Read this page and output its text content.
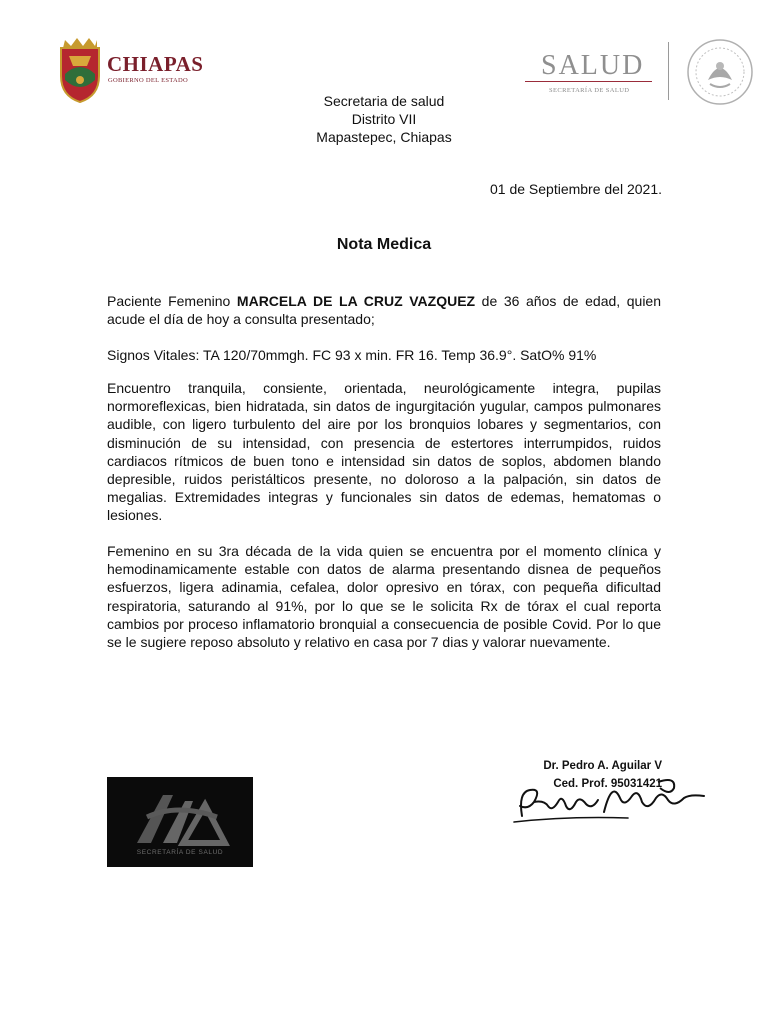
CHIAPAS
GOBIERNO DEL ESTADO	SALUD
SECRETARÍA DE SALUD
Secretaria de salud
Distrito VII
Mapastepec, Chiapas
01 de Septiembre del 2021.
Nota Medica
Paciente Femenino MARCELA DE LA CRUZ VAZQUEZ de 36 años de edad, quien acude el día de hoy a consulta presentado;
Signos Vitales: TA 120/70mmgh. FC 93 x min. FR 16. Temp 36.9°. SatO% 91%
Encuentro tranquila, consiente, orientada, neurológicamente integra, pupilas normoreflexicas, bien hidratada, sin datos de ingurgitación yugular, campos pulmonares audible, con ligero turbulento del aire por los bronquios lobares y segmentarios, con disminución de su intensidad, con presencia de estertores interrumpidos, ruidos cardiacos rítmicos de buen tono e intensidad sin datos de soplos, abdomen blando depresible, ruidos peristálticos presente, no doloroso a la palpación, sin datos de megalias. Extremidades integras y funcionales sin datos de edemas, hematomas o lesiones.
Femenino en su 3ra década de la vida quien se encuentra por el momento clínica y hemodinamicamente estable con datos de alarma presentando disnea de pequeños esfuerzos, ligera adinamia, cefalea, dolor opresivo en tórax, con pequeña dificultad respiratoria, saturando al 91%, por lo que se le solicita Rx de tórax el cual reporta cambios por proceso inflamatorio bronquial a consecuencia de posible Covid. Por lo que se le sugiere reposo absoluto y relativo en casa por 7 dias y valorar nuevamente.
Dr. Pedro A. Aguilar V
Ced. Prof. 95031421
SECRETARÍA DE SALUD
